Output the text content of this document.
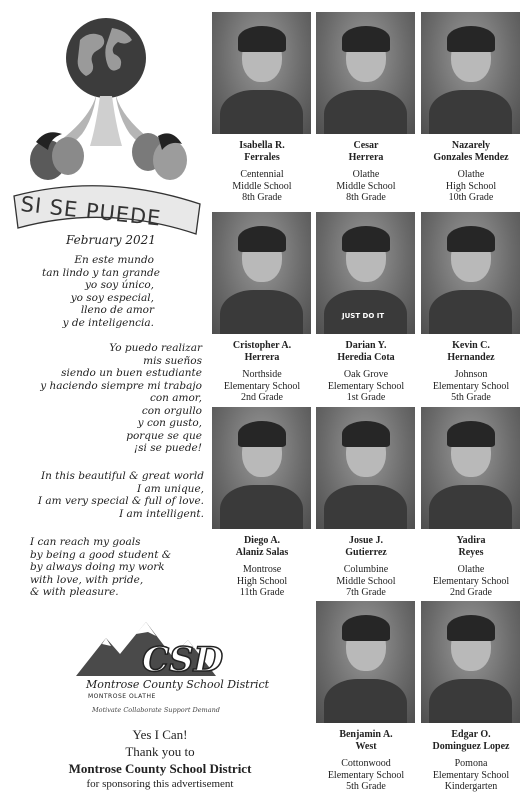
SI SE PUEDE
February 2021
En este mundo
tan lindo y tan grande
yo soy único,
yo soy especial,
lleno de amor
y de inteligencia.
Yo puedo realizar
mis sueños
siendo un buen estudiante
y haciendo siempre mi trabajo
con amor,
con orgullo
y con gusto,
porque se que
¡si se puede!
In this beautiful & great world
I am unique,
I am very special & full of love.
I am intelligent.
I can reach my goals
by being a good student &
by always doing my work
with love, with pride,
& with pleasure.
CSD
Montrose County School District
MONTROSE OLATHE
Motivate Collaborate Support Demand
Yes I Can!
Thank you to
Montrose County School District
for sponsoring this advertisement
Isabella R.
Ferrales
Centennial
Middle School
8th Grade
Cesar
Herrera
Olathe
Middle School
8th Grade
Nazarely
Gonzales Mendez
Olathe
High School
10th Grade
Cristopher A.
Herrera
Northside
Elementary School
2nd Grade
JUST DO IT
Darian Y.
Heredia Cota
Oak Grove
Elementary School
1st Grade
Kevin C.
Hernandez
Johnson
Elementary School
5th Grade
Diego A.
Alaniz Salas
Montrose
High School
11th Grade
Josue J.
Gutierrez
Columbine
Middle School
7th Grade
Yadira
Reyes
Olathe
Elementary School
2nd Grade
Benjamin A.
West
Cottonwood
Elementary School
5th Grade
Edgar O.
Dominguez Lopez
Pomona
Elementary School
Kindergarten
